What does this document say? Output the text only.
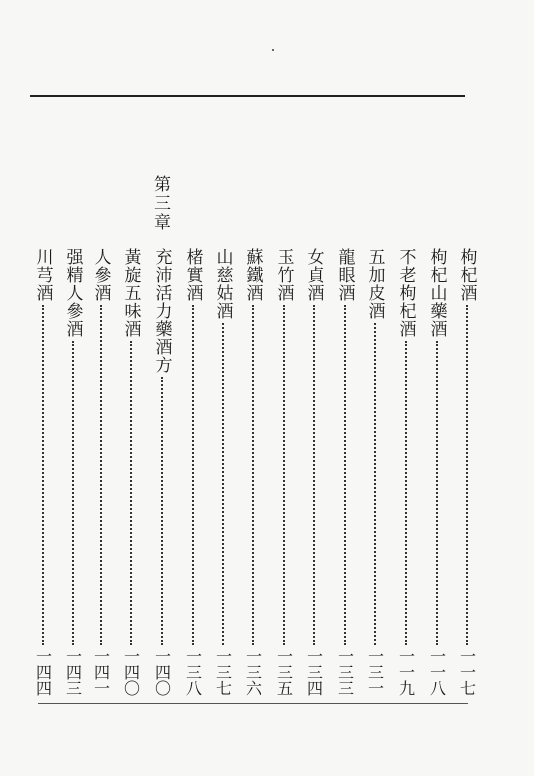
第三章
枸杞酒
一一七
枸杞山藥酒
一一八
不老枸杞酒
一一九
五加皮酒
一三一
龍眼酒
一三三
女貞酒
一三四
玉竹酒
一三五
蘇鐵酒
一三六
山慈姑酒
一三七
楮實酒
一三八
充沛活力藥酒方
一四〇
黃旋五味酒
一四〇
人參酒
一四一
强精人參酒
一四三
川芎酒
一四四
